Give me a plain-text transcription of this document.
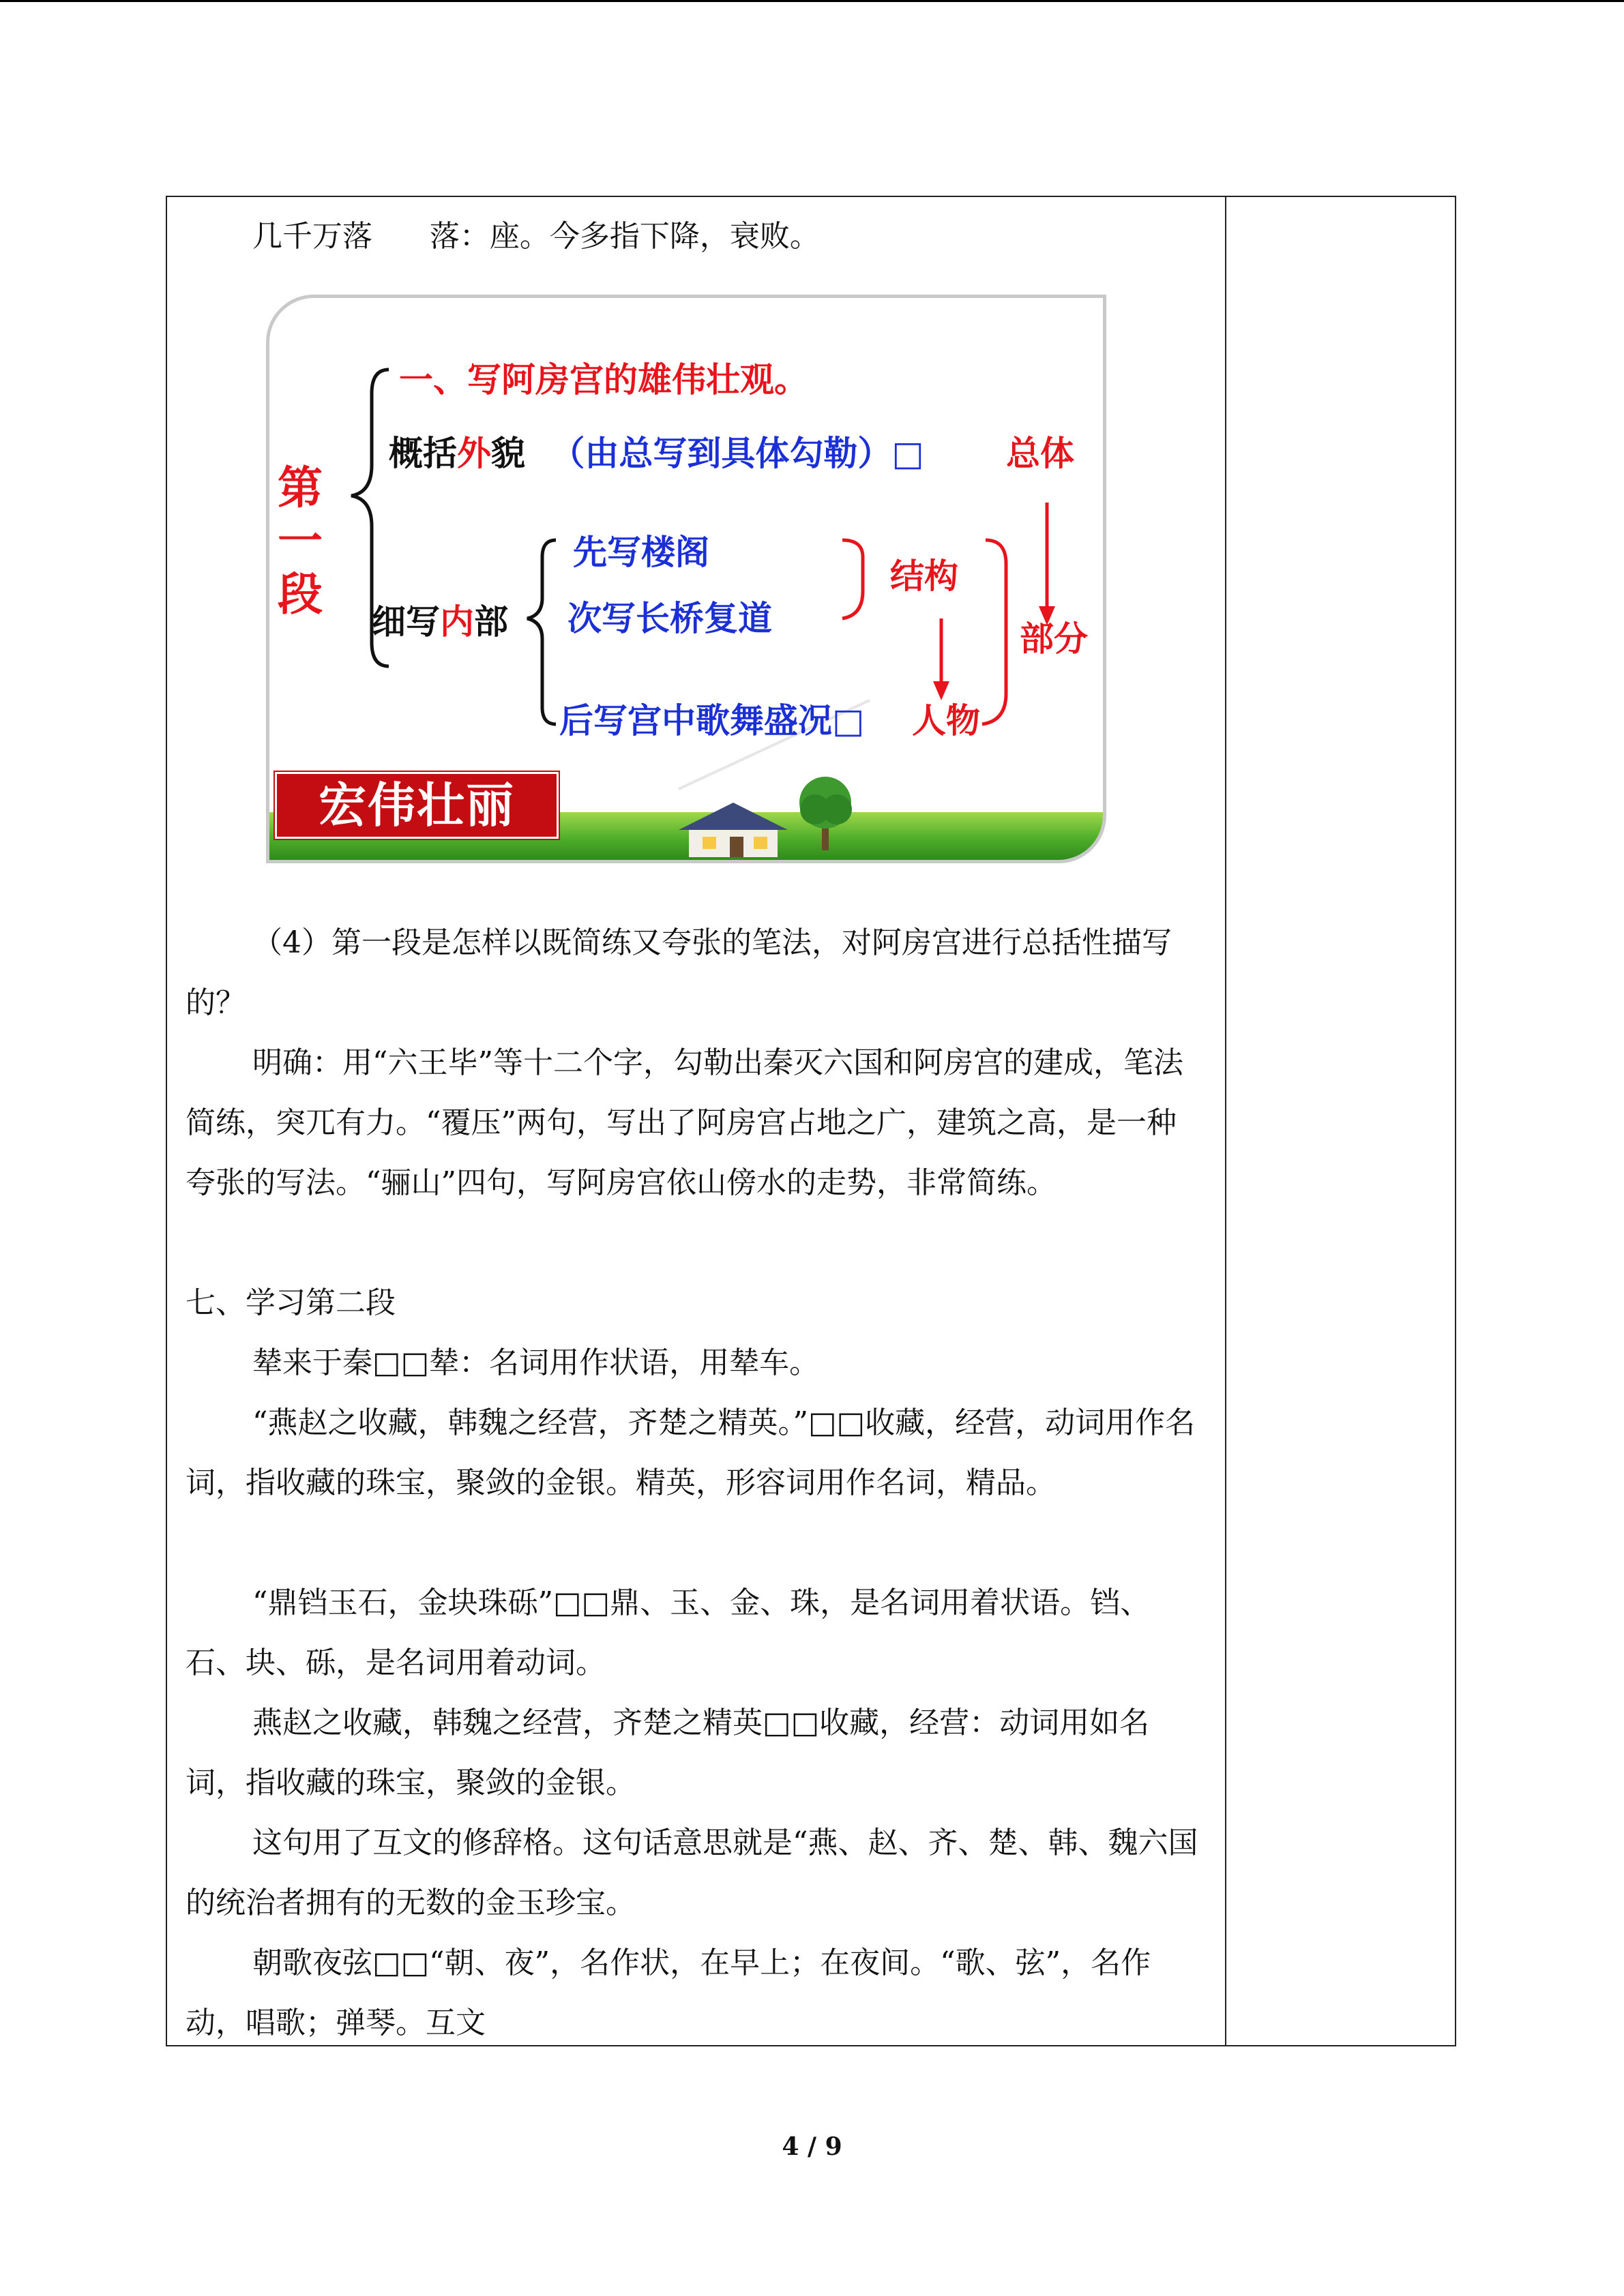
几千万落      落：座。今多指下降，衰败。
第
一
段
一、写阿房宫的雄伟壮观。
概括外貌 （由总写到具体勾勒）□ 总体
先写楼阁
结构
细写内部 次写长桥复道
部分
后写宫中歌舞盛况□ 人物
宏伟壮丽

（4）第一段是怎样以既简练又夸张的笔法，对阿房宫进行总括性描写的？

明确：用“六王毕”等十二个字，勾勒出秦灭六国和阿房宫的建成，笔法简练，突兀有力。“覆压”两句，写出了阿房宫占地之广，建筑之高，是一种夸张的写法。“骊山”四句，写阿房宫依山傍水的走势，非常简练。

七、学习第二段

辇来于秦□□辇：名词用作状语，用辇车。

“燕赵之收藏，韩魏之经营，齐楚之精英。”□□收藏，经营，动词用作名词，指收藏的珠宝，聚敛的金银。精英，形容词用作名词，精品。

“鼎铛玉石，金块珠砾”□□鼎、玉、金、珠，是名词用着状语。铛、石、块、砾，是名词用着动词。

燕赵之收藏，韩魏之经营，齐楚之精英□□收藏，经营：动词用如名词，指收藏的珠宝，聚敛的金银。

这句用了互文的修辞格。这句话意思就是“燕、赵、齐、楚、韩、魏六国的统治者拥有的无数的金玉珍宝。

朝歌夜弦□□“朝、夜”，名作状，在早上；在夜间。“歌、弦”，名作动，唱歌；弹琴。互文

4 / 9
